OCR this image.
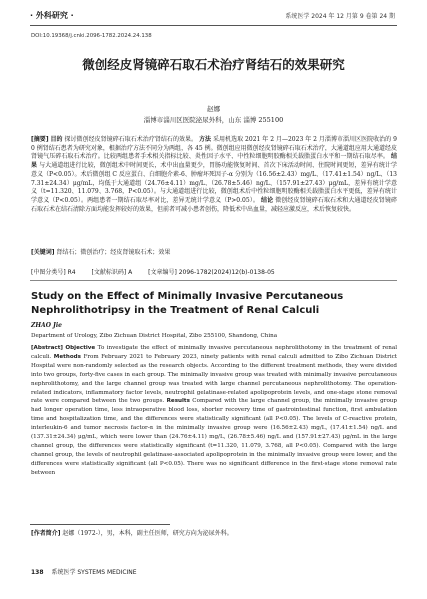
· 外科研究 ·	系统医学 2024 年 12 月第 9 卷第 24 期
DOI:10.19368/j.cnki.2096-1782.2024.24.138
微创经皮肾镜碎石取石术治疗肾结石的效果研究
赵娜
淄博市淄川区医院泌尿外科，山东 淄博 255100
[摘要] 目的 探讨微创经皮肾镜碎石取石术治疗肾结石的效果。 方法 采用机选取 2021 年 2 月—2023 年 2 月淄博市淄川区医院收治的 90 例肾结石患者为研究对象，根据治疗方法不同分为两组，各 45 例。微创组应用微创经皮肾镜碎石取石术治疗，大通道组应用大通道经皮肾镜气压碎石取石术治疗。比较两组患者手术相关指标比较、炎性因子水平、中性粒细胞明胶酶相关载脂蛋白水平和一期结石取尽率。 结果 与大通道组进行比较，微创组术中时间更长，术中出血量更少，胃肠功能恢复时间、首次下床活动时间、住院时间更短，差异有统计学意义（P<0.05）。术后微创组 C 反应蛋白、白细胞介素-6、肿瘤坏死因子-α 分别为（16.56±2.43）mg/L、（17.41±1.54）ng/L、（137.31±24.34）μg/mL，均低于大通道组（24.76±4.11）mg/L、（26.78±5.46）ng/L、（157.91±27.43）μg/mL，差异有统计学意义（t=11.320、11.079、3.768，P<0.05）。与大通道组进行比较，微创组术后中性粒细胞明胶酶相关载脂蛋白水平更低，差异有统计学意义（P<0.05）。两组患者一期结石取尽率对比，差异无统计学意义（P>0.05）。 结论 微创经皮肾镜碎石取石术和大通道经皮肾镜碎石取石术在结石清除方面均能发挥较好的效果，但前者可减小患者创伤，降低术中出血量，减轻应激反应，术后恢复较快。
[关键词] 肾结石；微创治疗；经皮肾镜取石术；效果
[中图分类号] R4	[文献标识码] A	[文章编号] 2096-1782(2024)12(b)-0138-05
Study on the Effect of Minimally Invasive Percutaneous Nephrolithotripsy in the Treatment of Renal Calculi
ZHAO Jie
Department of Urology, Zibo Zichuan District Hospital, Zibo 255100, Shandong, China
[Abstract] Objective To investigate the effect of minimally invasive percutaneous nephrolithotomy in the treatment of renal calculi. Methods From February 2021 to February 2023, ninety patients with renal calculi admitted to Zibo Zichuan District Hospital were non-randomly selected as the research objects. According to the different treatment methods, they were divided into two groups, forty-five cases in each group. The minimally invasive group was treated with minimally invasive percutaneous nephrolithotomy, and the large channel group was treated with large channel percutaneous nephrolithotomy. The operation-related indicators, inflammatory factor levels, neutrophil gelatinase-related apolipoprotein levels, and one-stage stone removal rate were compared between the two groups. Results Compared with the large channel group, the minimally invasive group had longer operation time, less intraoperative blood loss, shorter recovery time of gastrointestinal function, first ambulation time and hospitalization time, and the differences were statistically significant (all P<0.05). The levels of C-reactive protein, interleukin-6 and tumor necrosis factor-α in the minimally invasive group were (16.56±2.43) mg/L, (17.41±1.54) ng/L and (137.31±24.34) μg/mL, which were lower than (24.76±4.11) mg/L, (26.78±5.46) ng/L and (157.91±27.43) μg/mL in the large channel group, the differences were statistically significant (t=11.320, 11.079, 3.768, all P<0.05). Compared with the large channel group, the levels of neutrophil gelatinase-associated apolipoprotein in the minimally invasive group were lower, and the differences were statistically significant (all P<0.05). There was no significant difference in the first-stage stone removal rate between
[作者简介] 赵娜（1972-），男，本科，副主任医师，研究方向为泌尿外科。
138 系统医学 SYSTEMS MEDICINE
